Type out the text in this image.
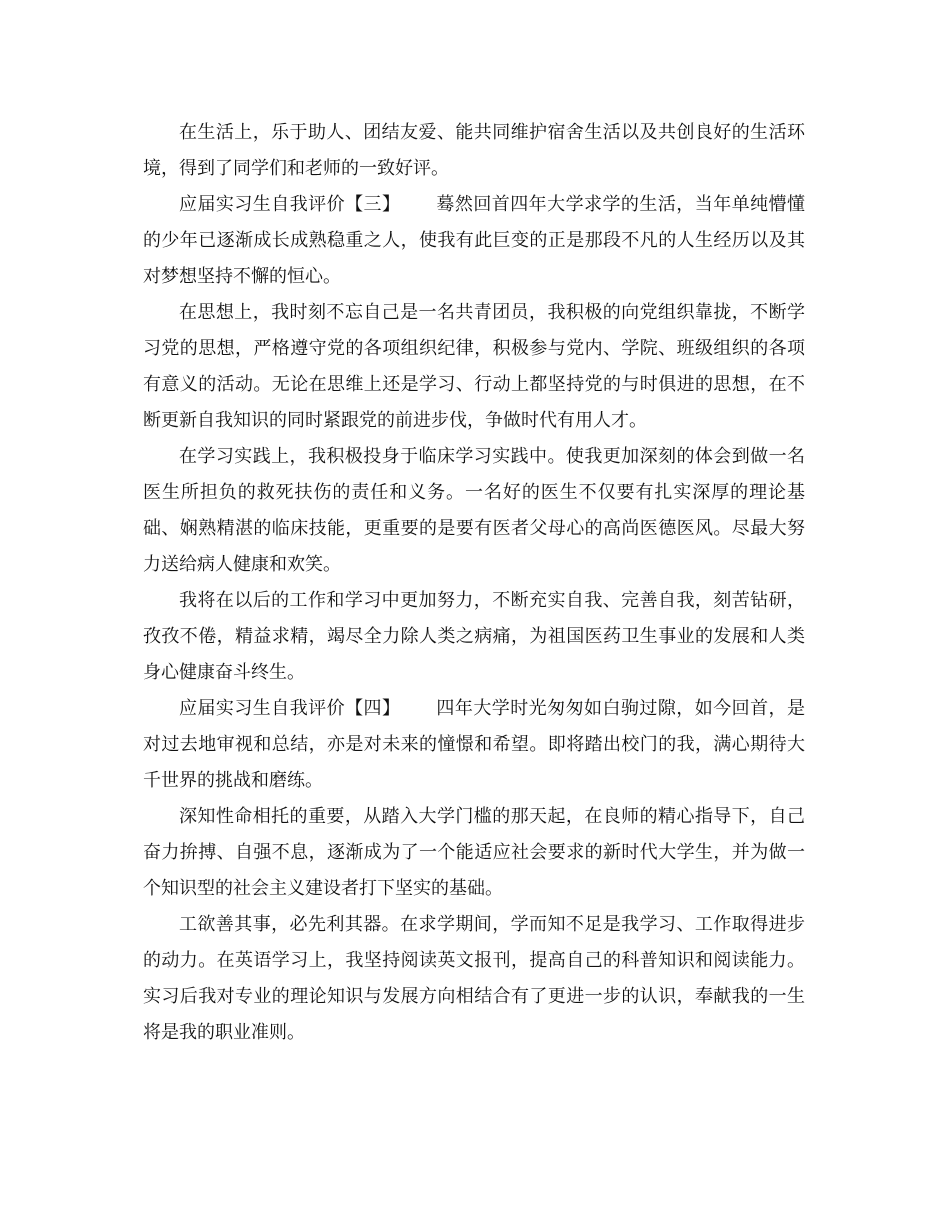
在生活上，乐于助人、团结友爱、能共同维护宿舍生活以及共创良好的生活环境，得到了同学们和老师的一致好评。

应届实习生自我评价【三】 蓦然回首四年大学求学的生活，当年单纯懵懂的少年已逐渐成长成熟稳重之人，使我有此巨变的正是那段不凡的人生经历以及其对梦想坚持不懈的恒心。

在思想上，我时刻不忘自己是一名共青团员，我积极的向党组织靠拢，不断学习党的思想，严格遵守党的各项组织纪律，积极参与党内、学院、班级组织的各项有意义的活动。无论在思维上还是学习、行动上都坚持党的与时俱进的思想，在不断更新自我知识的同时紧跟党的前进步伐，争做时代有用人才。

在学习实践上，我积极投身于临床学习实践中。使我更加深刻的体会到做一名医生所担负的救死扶伤的责任和义务。一名好的医生不仅要有扎实深厚的理论基础、娴熟精湛的临床技能，更重要的是要有医者父母心的高尚医德医风。尽最大努力送给病人健康和欢笑。

我将在以后的工作和学习中更加努力，不断充实自我、完善自我，刻苦钻研，孜孜不倦，精益求精，竭尽全力除人类之病痛，为祖国医药卫生事业的发展和人类身心健康奋斗终生。

应届实习生自我评价【四】 四年大学时光匆匆如白驹过隙，如今回首，是对过去地审视和总结，亦是对未来的憧憬和希望。即将踏出校门的我，满心期待大千世界的挑战和磨练。

深知性命相托的重要，从踏入大学门槛的那天起，在良师的精心指导下，自己奋力拚搏、自强不息，逐渐成为了一个能适应社会要求的新时代大学生，并为做一个知识型的社会主义建设者打下坚实的基础。

工欲善其事，必先利其器。在求学期间，学而知不足是我学习、工作取得进步的动力。在英语学习上，我坚持阅读英文报刊，提高自己的科普知识和阅读能力。实习后我对专业的理论知识与发展方向相结合有了更进一步的认识，奉献我的一生将是我的职业准则。
